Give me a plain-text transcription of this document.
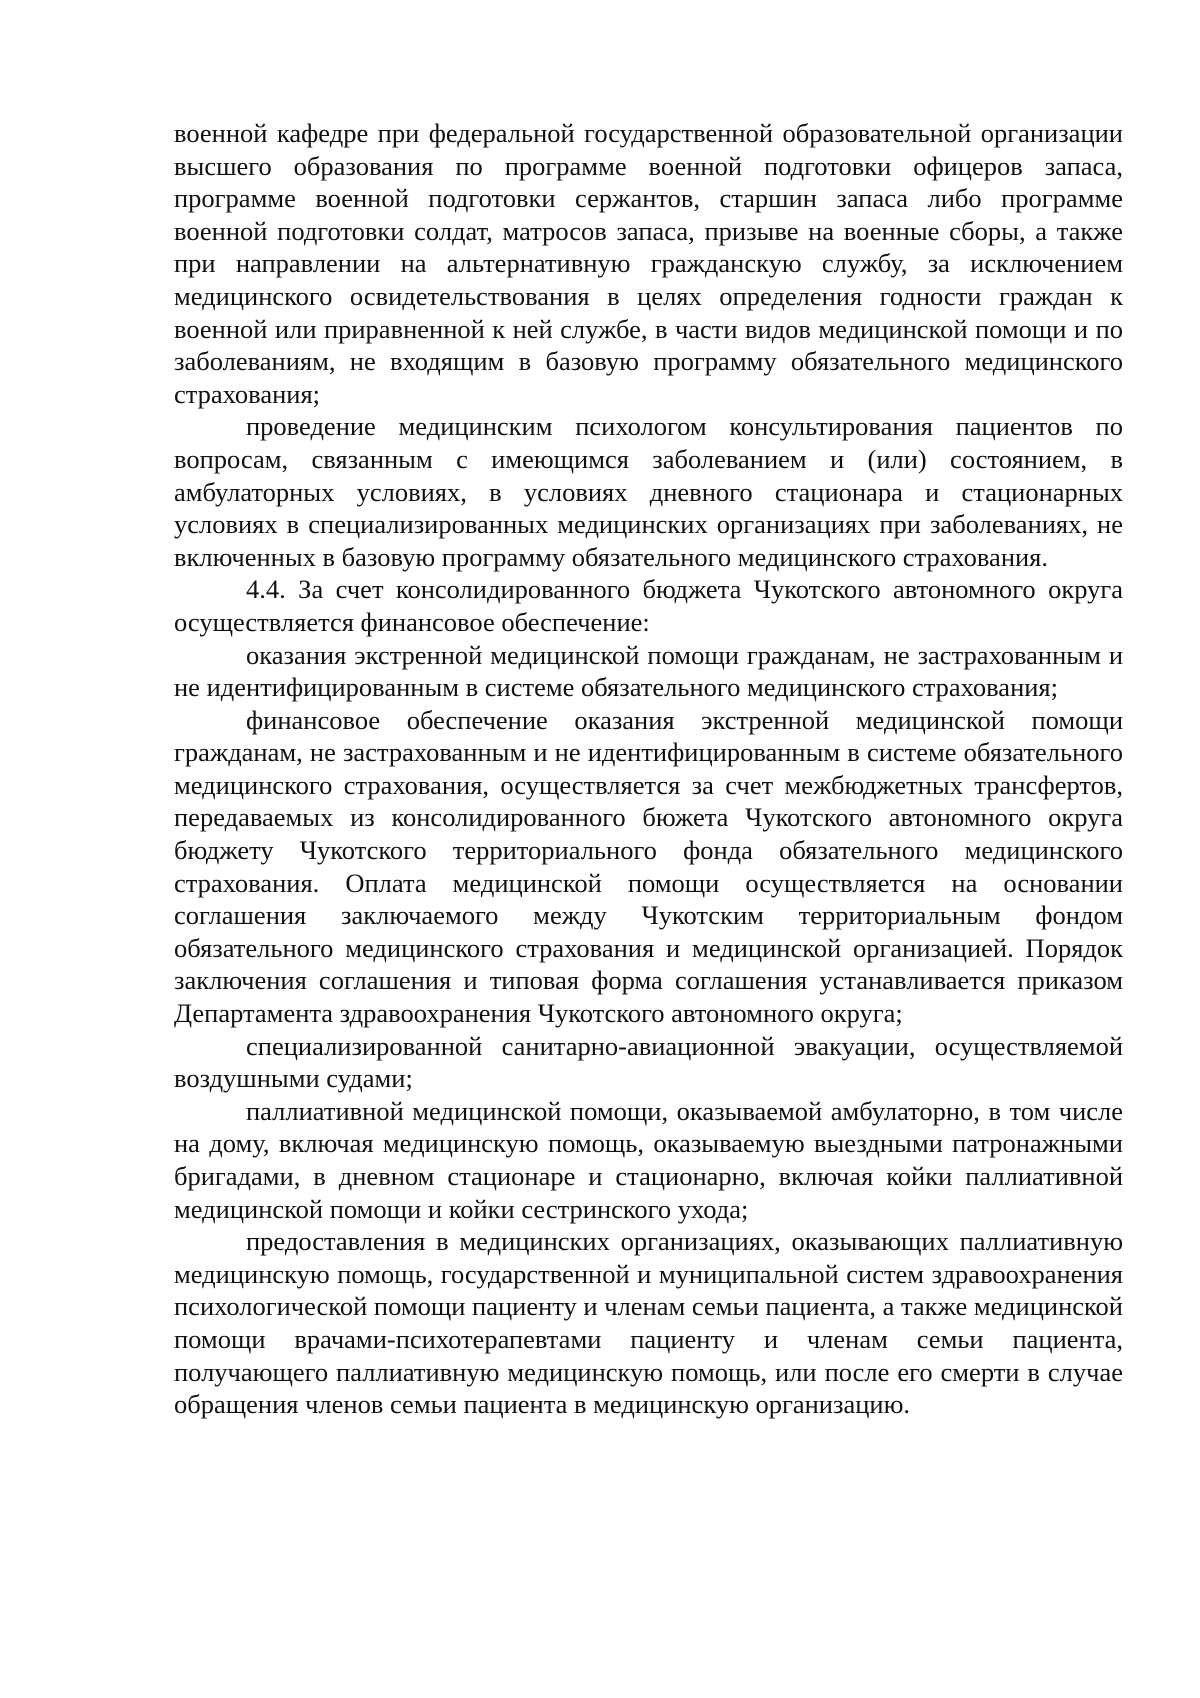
военной кафедре при федеральной государственной образовательной организации высшего образования по программе военной подготовки офицеров запаса, программе военной подготовки сержантов, старшин запаса либо программе военной подготовки солдат, матросов запаса, призыве на военные сборы, а также при направлении на альтернативную гражданскую службу, за исключением медицинского освидетельствования в целях определения годности граждан к военной или приравненной к ней службе, в части видов медицинской помощи и по заболеваниям, не входящим в базовую программу обязательного медицинского страхования;

проведение медицинским психологом консультирования пациентов по вопросам, связанным с имеющимся заболеванием и (или) состоянием, в амбулаторных условиях, в условиях дневного стационара и стационарных условиях в специализированных медицинских организациях при заболеваниях, не включенных в базовую программу обязательного медицинского страхования.

4.4. За счет консолидированного бюджета Чукотского автономного округа осуществляется финансовое обеспечение:

оказания экстренной медицинской помощи гражданам, не застрахованным и не идентифицированным в системе обязательного медицинского страхования;

финансовое обеспечение оказания экстренной медицинской помощи гражданам, не застрахованным и не идентифицированным в системе обязательного медицинского страхования, осуществляется за счет межбюджетных трансфертов, передаваемых из консолидированного бюжета Чукотского автономного округа бюджету Чукотского территориального фонда обязательного медицинского страхования. Оплата медицинской помощи осуществляется на основании соглашения заключаемого между Чукотским территориальным фондом обязательного медицинского страхования и медицинской организацией. Порядок заключения соглашения и типовая форма соглашения устанавливается приказом Департамента здравоохранения Чукотского автономного округа;

специализированной санитарно-авиационной эвакуации, осуществляемой воздушными судами;

паллиативной медицинской помощи, оказываемой амбулаторно, в том числе на дому, включая медицинскую помощь, оказываемую выездными патронажными бригадами, в дневном стационаре и стационарно, включая койки паллиативной медицинской помощи и койки сестринского ухода;

предоставления в медицинских организациях, оказывающих паллиативную медицинскую помощь, государственной и муниципальной систем здравоохранения психологической помощи пациенту и членам семьи пациента, а также медицинской помощи врачами-психотерапевтами пациенту и членам семьи пациента, получающего паллиативную медицинскую помощь, или после его смерти в случае обращения членов семьи пациента в медицинскую организацию.
